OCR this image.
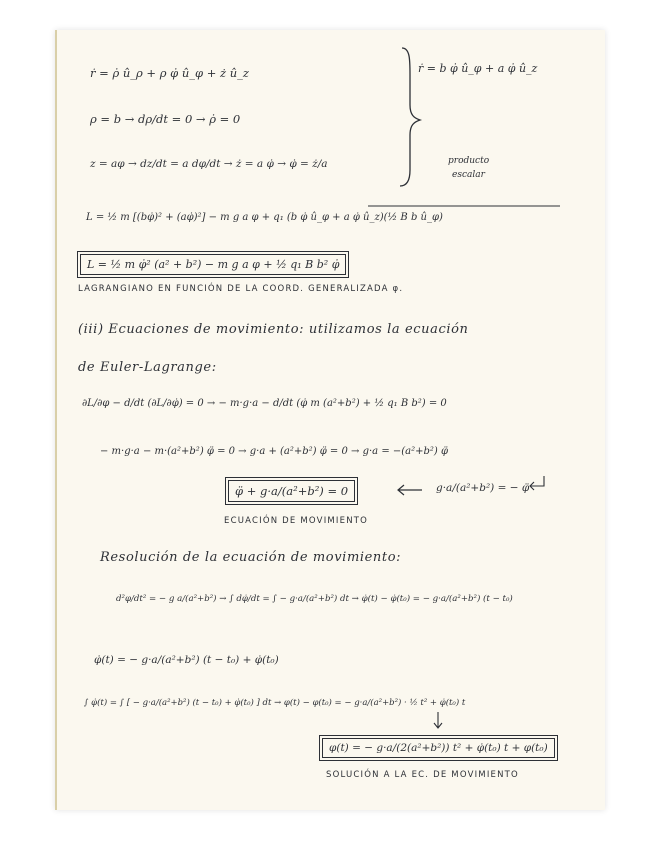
ṙ = ρ̇ û_ρ + ρ φ̇ û_φ + ż û_z
ρ = b → dρ/dt = 0 → ρ̇ = 0
z = aφ → dz/dt = a dφ/dt → ż = a φ̇ → φ̇ = ż/a
ṙ = b φ̇ û_φ + a φ̇ û_z
producto
escalar
L = ½ m [(bφ̇)² + (aφ̇)²] − m g a φ + q₁ (b φ̇ û_φ + a φ̇ û_z)(½ B b û_φ)
L = ½ m φ̇² (a² + b²) − m g a φ + ½ q₁ B b² φ̇
LAGRANGIANO EN FUNCIÓN DE LA COORD. GENERALIZADA φ.
(iii) Ecuaciones de movimiento: utilizamos la ecuación
de Euler-Lagrange:
∂L/∂φ − d/dt (∂L/∂φ̇) = 0 → − m·g·a − d/dt (φ̇ m (a²+b²) + ½ q₁ B b²) = 0
− m·g·a − m·(a²+b²) φ̈ = 0 → g·a + (a²+b²) φ̈ = 0 → g·a = −(a²+b²) φ̈
φ̈ + g·a/(a²+b²) = 0	g·a/(a²+b²) = − φ̈
ECUACIÓN DE MOVIMIENTO
Resolución de la ecuación de movimiento:
d²φ/dt² = − g a/(a²+b²) → ∫ dφ̇/dt = ∫ − g·a/(a²+b²) dt → φ̇(t) − φ̇(t₀) = − g·a/(a²+b²) (t − t₀)
φ̇(t) = − g·a/(a²+b²) (t − t₀) + φ̇(t₀)
∫ φ̇(t) = ∫ [ − g·a/(a²+b²) (t − t₀) + φ̇(t₀) ] dt → φ(t) − φ(t₀) = − g·a/(a²+b²) · ½ t² + φ̇(t₀) t
φ(t) = − g·a/(2(a²+b²)) t² + φ̇(t₀) t + φ(t₀)
SOLUCIÓN A LA EC. DE MOVIMIENTO
